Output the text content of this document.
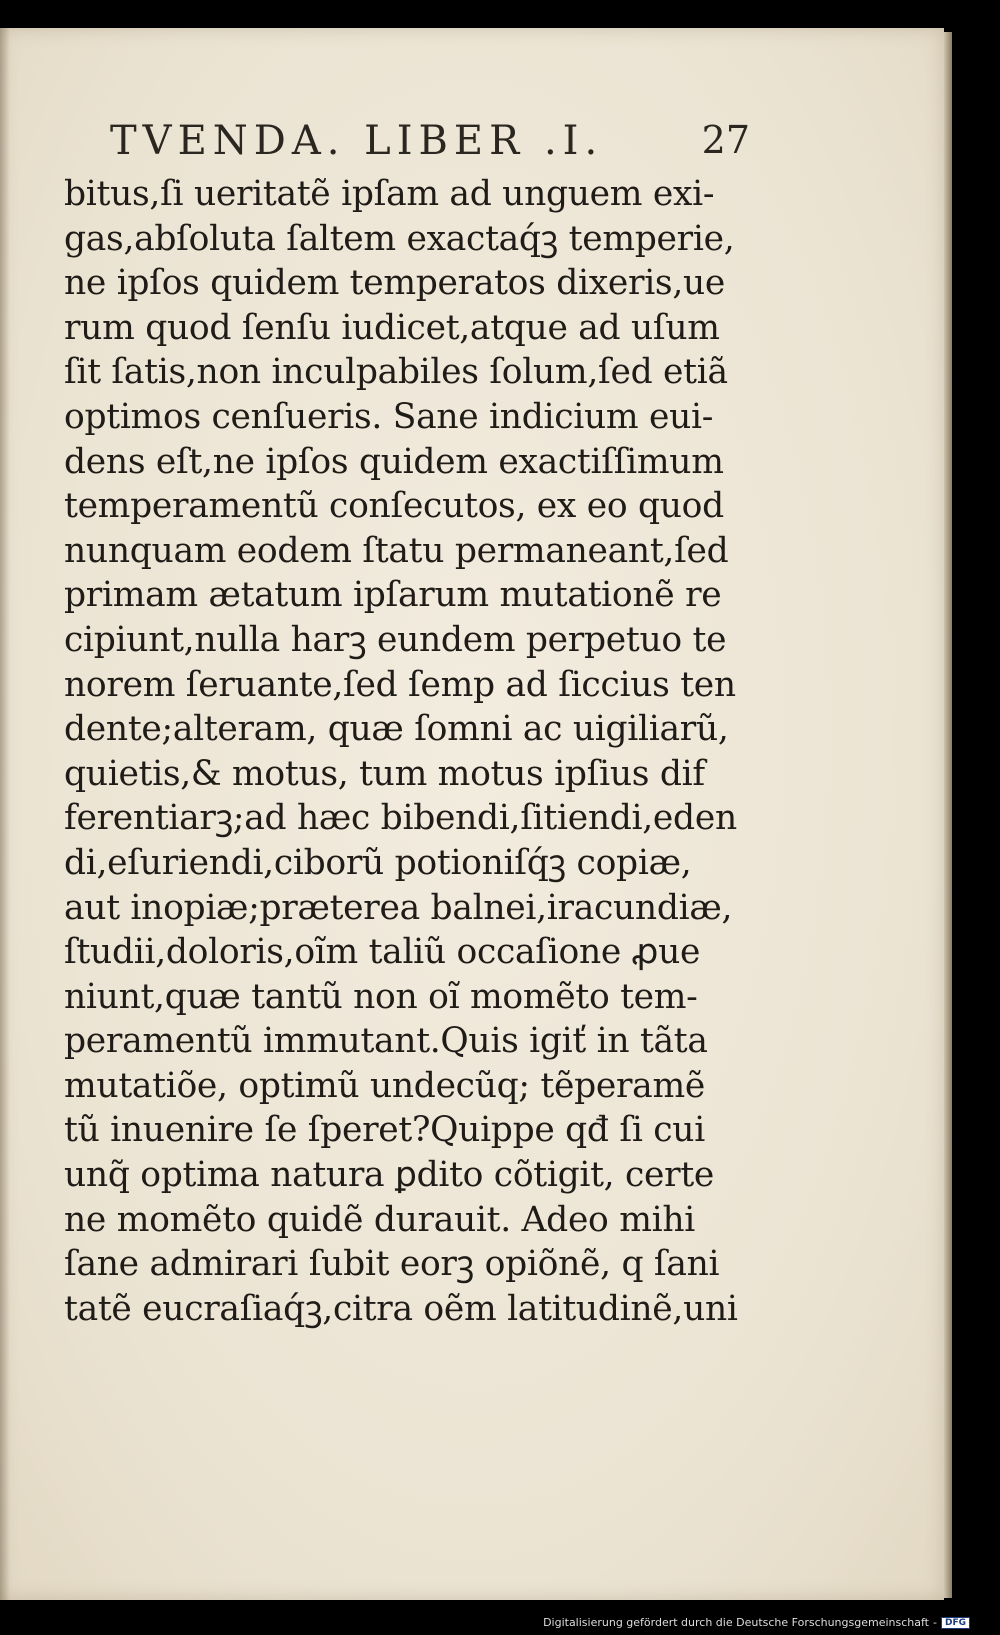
TVENDA. LIBER .I.	27
bitus,ſi ueritatẽ ipſam ad unguem exi-
gas,abſoluta ſaltem exactaq́ꝫ temperie,
ne ipſos quidem temperatos dixeris,ue
rum quod ſenſu iudicet,atque ad uſum
ſit ſatis,non inculpabiles ſolum,ſed etiã
optimos cenſueris. Sane indicium eui-
dens eſt,ne ipſos quidem exactiſſimum
temperamentũ conſecutos, ex eo quod
nunquam eodem ſtatu permaneant,ſed
primam ætatum ipſarum mutationẽ re
cipiunt,nulla harꝫ eundem perpetuo te
norem ſeruante,ſed ſemp ad ſiccius ten
dente;alteram, quæ ſomni ac uigiliarũ,
quietis,& motus, tum motus ipſius dif
ferentiarꝫ;ad hæc bibendi,ſitiendi,eden
di,eſuriendi,ciborũ potioniſq́ꝫ copiæ,
aut inopiæ;præterea balnei,iracundiæ,
ſtudii,doloris,oĩm taliũ occaſione ꝓue
niunt,quæ tantũ non oĩ momẽto tem-
peramentũ immutant.Quis igiť in tãta
mutatiõe, optimũ undecũq; tẽperamẽ
tũ inuenire ſe ſperet?Quippe qđ ſi cui
unq̃ optima natura ꝑdito cõtigit, certe
ne momẽto quidẽ durauit. Adeo mihi
ſane admirari ſubit eorꝫ opiõnẽ, q ſani
tatẽ eucraſiaq́ꝫ,citra oẽm latitudinẽ,uni
Digitalisierung gefördert durch die Deutsche Forschungsgemeinschaft - DFG
